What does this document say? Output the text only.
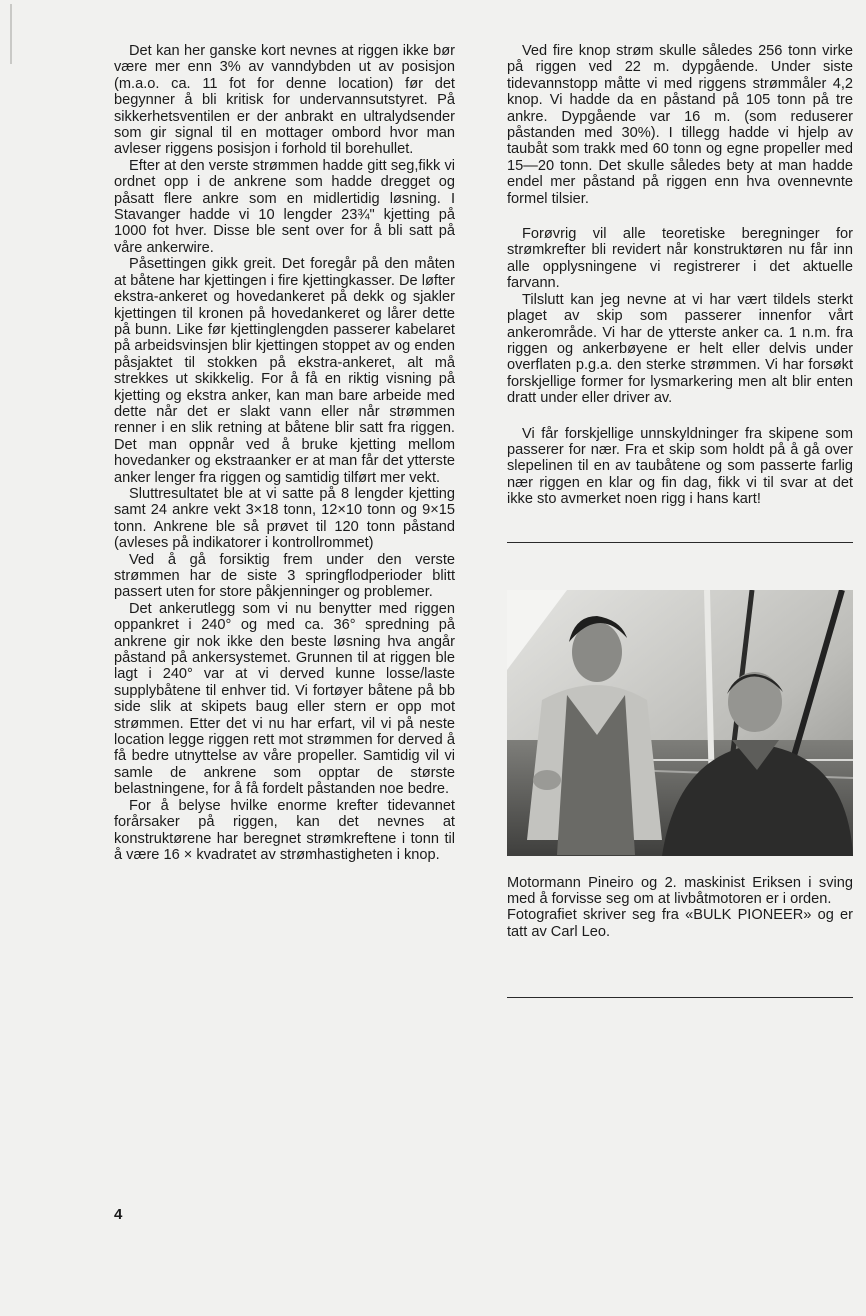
Det kan her ganske kort nevnes at riggen ikke bør være mer enn 3% av vanndybden ut av posisjon (m.a.o. ca. 11 fot for denne location) før det begynner å bli kritisk for undervannsutstyret. På sikkerhetsventilen er der anbrakt en ultralydsender som gir signal til en mottager ombord hvor man avleser riggens posisjon i forhold til borehullet.

Efter at den verste strømmen hadde gitt seg,fikk vi ordnet opp i de ankrene som hadde dregget og påsatt flere ankre som en midlertidig løsning. I Stavanger hadde vi 10 lengder 23¾" kjetting på 1000 fot hver. Disse ble sent over for å bli satt på våre ankerwire.

Påsettingen gikk greit. Det foregår på den måten at båtene har kjettingen i fire kjettingkasser. De løfter ekstra-ankeret og hovedankeret på dekk og sjakler kjettingen til kronen på hovedankeret og lårer dette på bunn. Like før kjettinglengden passerer kabelaret på arbeidsvinsjen blir kjettingen stoppet av og enden påsjaktet til stokken på ekstra-ankeret, alt må strekkes ut skikkelig. For å få en riktig visning på kjetting og ekstra anker, kan man bare arbeide med dette når det er slakt vann eller når strømmen renner i en slik retning at båtene blir satt fra riggen. Det man oppnår ved å bruke kjetting mellom hovedanker og ekstraanker er at man får det ytterste anker lenger fra riggen og samtidig tilført mer vekt.

Sluttresultatet ble at vi satte på 8 lengder kjetting samt 24 ankre vekt 3×18 tonn, 12×10 tonn og 9×15 tonn. Ankrene ble så prøvet til 120 tonn påstand (avleses på indikatorer i kontrollrommet)

Ved å gå forsiktig frem under den verste strømmen har de siste 3 springflodperioder blitt passert uten for store påkjenninger og problemer.

Det ankerutlegg som vi nu benytter med riggen oppankret i 240° og med ca. 36° spredning på ankrene gir nok ikke den beste løsning hva angår påstand på ankersystemet. Grunnen til at riggen ble lagt i 240° var at vi derved kunne losse/laste supplybåtene til enhver tid. Vi fortøyer båtene på bb side slik at skipets baug eller stern er opp mot strømmen. Etter det vi nu har erfart, vil vi på neste location legge riggen rett mot strømmen for derved å få bedre utnyttelse av våre propeller. Samtidig vil vi samle de ankrene som opptar de største belastningene, for å få fordelt påstanden noe bedre.

For å belyse hvilke enorme krefter tidevannet forårsaker på riggen, kan det nevnes at konstruktørene har beregnet strømkreftene i tonn til å være 16 × kvadratet av strømhastigheten i knop.

Ved fire knop strøm skulle således 256 tonn virke på riggen ved 22 m. dypgående. Under siste tidevannstopp måtte vi med riggens strømmåler 4,2 knop. Vi hadde da en påstand på 105 tonn på tre ankre. Dypgående var 16 m. (som reduserer påstanden med 30%). I tillegg hadde vi hjelp av taubåt som trakk med 60 tonn og egne propeller med 15—20 tonn. Det skulle således bety at man hadde endel mer påstand på riggen enn hva ovennevnte formel tilsier.

Forøvrig vil alle teoretiske beregninger for strømkrefter bli revidert når konstruktøren nu får inn alle opplysningene vi registrerer i det aktuelle farvann.

Tilslutt kan jeg nevne at vi har vært tildels sterkt plaget av skip som passerer innenfor vårt ankerområde. Vi har de ytterste anker ca. 1 n.m. fra riggen og ankerbøyene er helt eller delvis under overflaten p.g.a. den sterke strømmen. Vi har forsøkt forskjellige former for lysmarkering men alt blir enten dratt under eller driver av.

Vi får forskjellige unnskyldninger fra skipene som passerer for nær. Fra et skip som holdt på å gå over slepelinen til en av taubåtene og som passerte farlig nær riggen en klar og fin dag, fikk vi til svar at det ikke sto avmerket noen rigg i hans kart!

Motormann Pineiro og 2. maskinist Eriksen i sving med å forvisse seg om at livbåtmotoren er i orden.
Fotografiet skriver seg fra «BULK PIONEER» og er tatt av Carl Leo.
4
